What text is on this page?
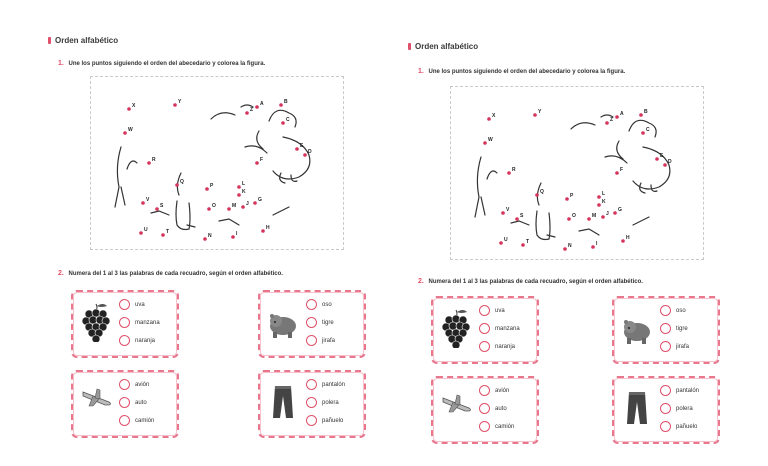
Orden alfabético
1. Une los puntos siguiendo el orden del abecedario y colorea la figura.
X
Y
Z
A	B
C
W
E
D
F
R
Q
P	L
K
G
V
S	O	M J
U	T
N	I
H
2. Numera del 1 al 3 las palabras de cada recuadro, según el orden alfabético.
uva
manzana
naranja
oso
tigre
jirafa
avión
auto
camión
pantalón
polera
pañuelo
Orden alfabético
1. Une los puntos siguiendo el orden del abecedario y colorea la figura.
X
Y
Z
A	B
C
W
E
D
F
R
Q
P	L
K
G
V
S	O	M J
U	T
N	I
H
2. Numera del 1 al 3 las palabras de cada recuadro, según el orden alfabético.
uva
manzana
naranja
oso
tigre
jirafa
avión
auto
camión
pantalón
polera
pañuelo
